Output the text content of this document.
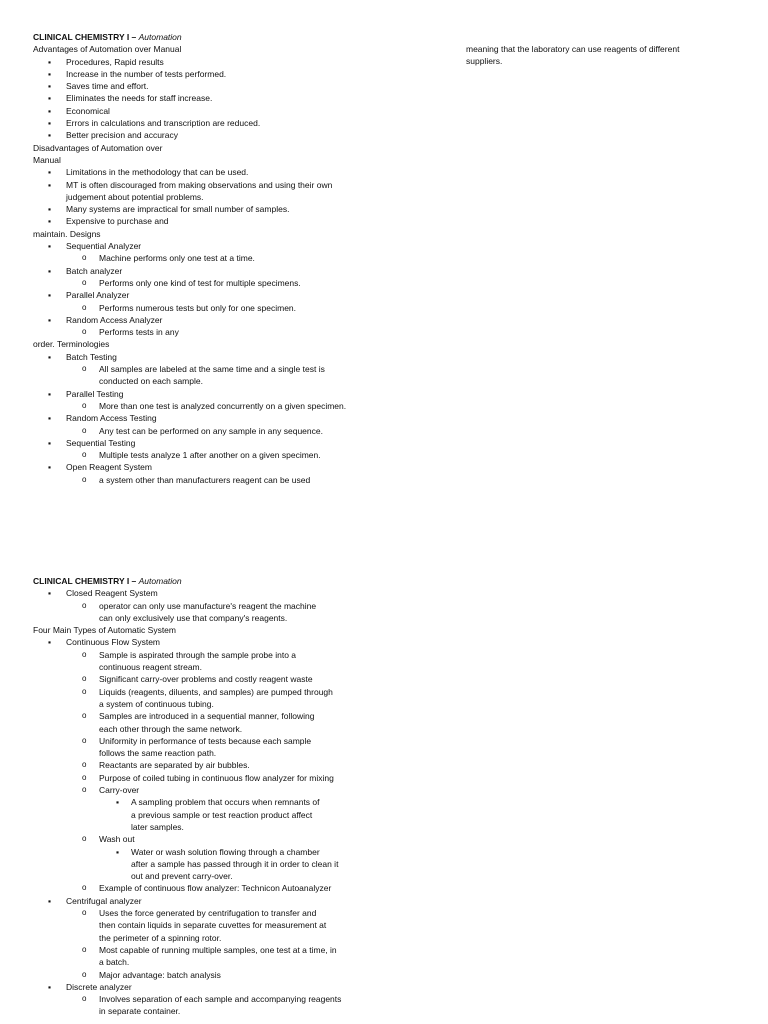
CLINICAL CHEMISTRY I – Automation
Advantages of Automation over Manual
▪ Procedures, Rapid results
▪ Increase in the number of tests performed.
▪ Saves time and effort.
▪ Eliminates the needs for staff increase.
▪ Economical
▪ Errors in calculations and transcription are reduced.
▪ Better precision and accuracy
Disadvantages of Automation over
Manual
▪ Limitations in the methodology that can be used.
▪ MT is often discouraged from making observations and using their own judgement about potential problems.
▪ Many systems are impractical for small number of samples.
▪ Expensive to purchase and
maintain. Designs
▪ Sequential Analyzer
o Machine performs only one test at a time.
▪ Batch analyzer
o Performs only one kind of test for multiple specimens.
▪ Parallel Analyzer
o Performs numerous tests but only for one specimen.
▪ Random Access Analyzer
o Performs tests in any
order. Terminologies
▪ Batch Testing
o All samples are labeled at the same time and a single test is conducted on each sample.
▪ Parallel Testing
o More than one test is analyzed concurrently on a given specimen.
▪ Random Access Testing
o Any test can be performed on any sample in any sequence.
▪ Sequential Testing
o Multiple tests analyze 1 after another on a given specimen.
▪ Open Reagent System
o a system other than manufacturers reagent can be used
meaning that the laboratory can use reagents of different
suppliers.
CLINICAL CHEMISTRY I – Automation
▪ Closed Reagent System
o operator can only use manufacture's reagent the machine
can only exclusively use that company's reagents.
Four Main Types of Automatic System
▪ Continuous Flow System
o Sample is aspirated through the sample probe into a
continuous reagent stream.
o Significant carry-over problems and costly reagent waste
o Liquids (reagents, diluents, and samples) are pumped through
a system of continuous tubing.
o Samples are introduced in a sequential manner, following
each other through the same network.
o Uniformity in performance of tests because each sample
follows the same reaction path.
o Reactants are separated by air bubbles.
o Purpose of coiled tubing in continuous flow analyzer for mixing
o Carry-over
▪ A sampling problem that occurs when remnants of
a previous sample or test reaction product affect
later samples.
o Wash out
▪ Water or wash solution flowing through a chamber
after a sample has passed through it in order to clean it
out and prevent carry-over.
o Example of continuous flow analyzer: Technicon Autoanalyzer
▪ Centrifugal analyzer
o Uses the force generated by centrifugation to transfer and
then contain liquids in separate cuvettes for measurement at
the perimeter of a spinning rotor.
o Most capable of running multiple samples, one test at a time, in
a batch.
o Major advantage: batch analysis
▪ Discrete analyzer
o Involves separation of each sample and accompanying reagents
in separate container.
